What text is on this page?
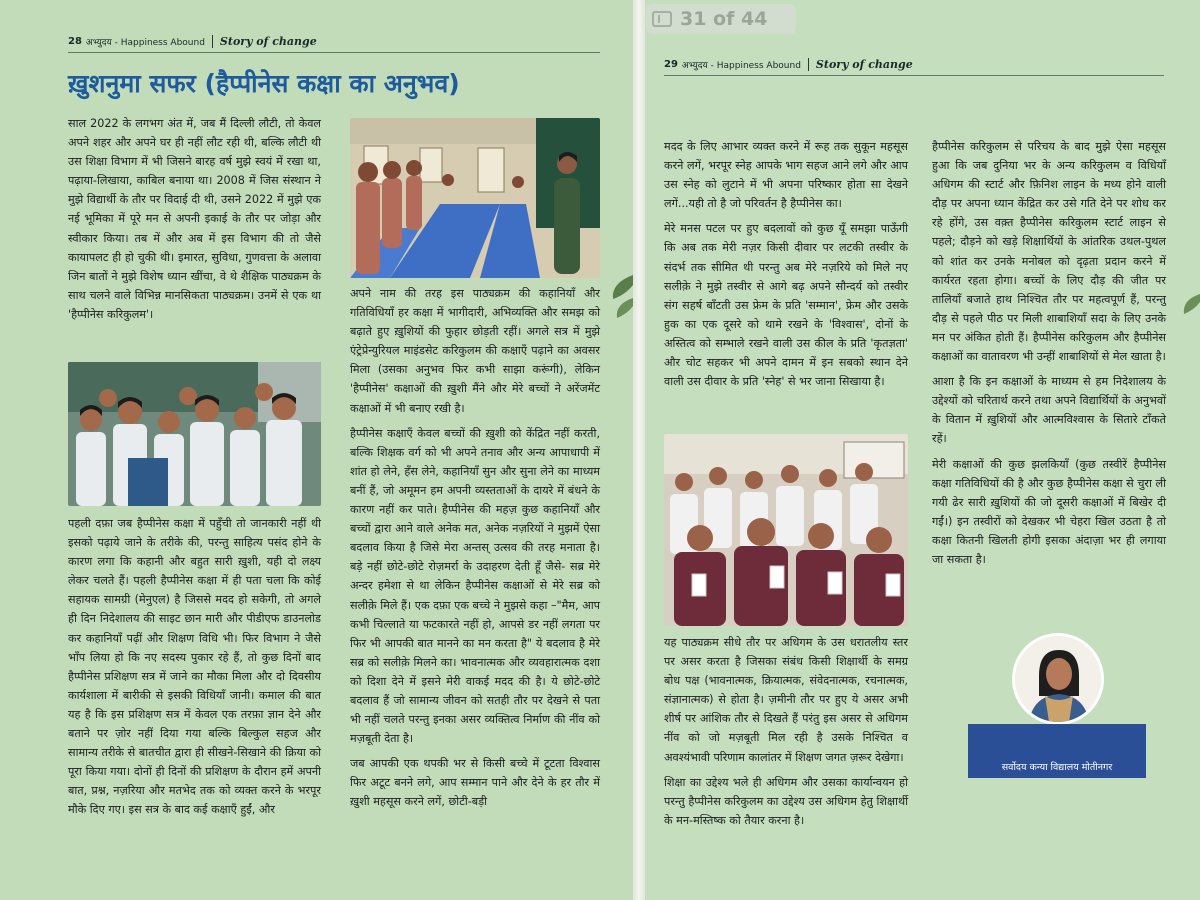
28 अभ्युदय - Happiness Abound Story of change
ख़ुशनुमा सफर (हैप्पीनेस कक्षा का अनुभव)

साल 2022 के लगभग अंत में, जब मैं दिल्ली लौटी, तो केवल अपने शहर और अपने घर ही नहीं लौट रही थी, बल्कि लौटी थी उस शिक्षा विभाग में भी जिसने बारह वर्ष मुझे स्वयं में रखा था, पढ़ाया-लिखाया, काबिल बनाया था। 2008 में जिस संस्थान ने मुझे विद्यार्थी के तौर पर विदाई दी थी, उसने 2022 में मुझे एक नई भूमिका में पूरे मन से अपनी इकाई के तौर पर जोड़ा और स्वीकार किया। तब में और अब में इस विभाग की तो जैसे कायापलट ही हो चुकी थी। इमारत, सुविधा, गुणवत्ता के अलावा जिन बातों ने मुझे विशेष ध्यान खींचा, वे थे शैक्षिक पाठ्यक्रम के साथ चलने वाले विभिन्न मानसिकता पाठ्यक्रम। उनमें से एक था 'हैप्पीनेस करिकुलम'।

पहली दफ़ा जब हैप्पीनेस कक्षा में पहुँची तो जानकारी नहीं थी इसको पढ़ाये जाने के तरीके की, परन्तु साहित्य पसंद होने के कारण लगा कि कहानी और बहुत सारी ख़ुशी, यही दो लक्ष्य लेकर चलते हैं। पहली हैप्पीनेस कक्षा में ही पता चला कि कोई सहायक सामग्री (मेनुएल) है जिससे मदद हो सकेगी, तो अगले ही दिन निदेशालय की साइट छान मारी और पीडीएफ डाउनलोड कर कहानियाँ पढ़ीं और शिक्षण विधि भी। फिर विभाग ने जैसे भाँप लिया हो कि नए सदस्य पुकार रहे हैं, तो कुछ दिनों बाद हैप्पीनेस प्रशिक्षण सत्र में जाने का मौका मिला और दो दिवसीय कार्यशाला में बारीकी से इसकी विधियाँ जानी। कमाल की बात यह है कि इस प्रशिक्षण सत्र में केवल एक तरफ़ा ज्ञान देने और बताने पर ज़ोर नहीं दिया गया बल्कि बिल्कुल सहज और सामान्य तरीके से बातचीत द्वारा ही सीखने-सिखाने की क्रिया को पूरा किया गया। दोनों ही दिनों की प्रशिक्षण के दौरान हमें अपनी बात, प्रश्न, नज़रिया और मतभेद तक को व्यक्त करने के भरपूर मौके दिए गए। इस सत्र के बाद कई कक्षाएँ हुईं, और

अपने नाम की तरह इस पाठ्यक्रम की कहानियाँ और गतिविधियाँ हर कक्षा में भागीदारी, अभिव्यक्ति और समझ को बढ़ाते हुए ख़ुशियों की फुहार छोड़ती रहीं। अगले सत्र में मुझे एंट्रेप्रेन्युरियल माइंडसेट करिकुलम की कक्षाएँ पढ़ाने का अवसर मिला (उसका अनुभव फिर कभी साझा करूंगी), लेकिन 'हैप्पीनेस' कक्षाओं की ख़ुशी मैंने और मेरे बच्चों ने अरेंजमेंट कक्षाओं में भी बनाए रखी है।

हैप्पीनेस कक्षाएँ केवल बच्चों की ख़ुशी को केंद्रित नहीं करती, बल्कि शिक्षक वर्ग को भी अपने तनाव और अन्य आपाधापी में शांत हो लेने, हँस लेने, कहानियाँ सुन और सुना लेने का माध्यम बनीं हैं, जो अमूमन हम अपनी व्यस्तताओं के दायरे में बंधने के कारण नहीं कर पाते। हैप्पीनेस की महज़ कुछ कहानियाँ और बच्चों द्वारा आने वाले अनेक मत, अनेक नज़रियों ने मुझमें ऐसा बदलाव किया है जिसे मेरा अन्तस् उत्सव की तरह मनाता है। बड़े नहीं छोटे-छोटे रोज़मर्रा के उदाहरण देती हूँ जैसे- सब्र मेरे अन्दर हमेशा से था लेकिन हैप्पीनेस कक्षाओं से मेरे सब्र को सलीक़े मिले हैं। एक दफ़ा एक बच्चे ने मुझसे कहा –"मैम, आप कभी चिल्लाते या फटकारते नहीं हो, आपसे डर नहीं लगता पर फिर भी आपकी बात मानने का मन करता है" ये बदलाव है मेरे सब्र को सलीक़े मिलने का। भावनात्मक और व्यवहारात्मक दशा को दिशा देने में इसने मेरी वाकई मदद की है। ये छोटे-छोटे बदलाव हैं जो सामान्य जीवन को सतही तौर पर देखने से पता भी नहीं चलते परन्तु इनका असर व्यक्तित्व निर्माण की नींव को मज़बूती देता है।

जब आपकी एक थपकी भर से किसी बच्चे में टूटता विश्वास फिर अटूट बनने लगे, आप सम्मान पाने और देने के हर तौर में ख़ुशी महसूस करने लगें, छोटी-बड़ी

31 of 44
29 अभ्युदय - Happiness Abound Story of change

मदद के लिए आभार व्यक्त करने में रूह तक सुकून महसूस करने लगें, भरपूर स्नेह आपके भाग सहज आने लगे और आप उस स्नेह को लुटाने में भी अपना परिष्कार होता सा देखने लगें...यही तो है जो परिवर्तन है हैप्पीनेस का।

मेरे मनस पटल पर हुए बदलावों को कुछ यूँ समझा पाऊँगी कि अब तक मेरी नज़र किसी दीवार पर लटकी तस्वीर के संदर्भ तक सीमित थी परन्तु अब मेरे नज़रिये को मिले नए सलीक़े ने मुझे तस्वीर से आगे बढ़ अपने सौन्दर्य को तस्वीर संग सहर्ष बाँटती उस फ्रेम के प्रति 'सम्मान', फ्रेम और उसके हुक का एक दूसरे को थामे रखने के 'विश्वास', दोनों के अस्तित्व को सम्भाले रखने वाली उस कील के प्रति 'कृतज्ञता' और चोट सहकर भी अपने दामन में इन सबको स्थान देने वाली उस दीवार के प्रति 'स्नेह' से भर जाना सिखाया है।

यह पाठ्यक्रम सीधे तौर पर अधिगम के उस धरातलीय स्तर पर असर करता है जिसका संबंध किसी शिक्षार्थी के समग्र बोध पक्ष (भावनात्मक, क्रियात्मक, संवेदनात्मक, रचनात्मक, संज्ञानात्मक) से होता है। ज़मीनी तौर पर हुए ये असर अभी शीर्ष पर आंशिक तौर से दिखते हैं परंतु इस असर से अधिगम नींव को जो मज़बूती मिल रही है उसके निश्चित व अवश्यंभावी परिणाम कालांतर में शिक्षण जगत ज़रूर देखेगा।

शिक्षा का उद्देश्य भले ही अधिगम और उसका कार्यान्वयन हो परन्तु हैप्पीनेस करिकुलम का उद्देश्य उस अधिगम हेतु शिक्षार्थी के मन-मस्तिष्क को तैयार करना है।

हैप्पीनेस करिकुलम से परिचय के बाद मुझे ऐसा महसूस हुआ कि जब दुनिया भर के अन्य करिकुलम व विधियाँ अधिगम की स्टार्ट और फ़िनिश लाइन के मध्य होने वाली दौड़ पर अपना ध्यान केंद्रित कर उसे गति देने पर शोध कर रहे होंगे, उस वक़्त हैप्पीनेस करिकुलम स्टार्ट लाइन से पहले; दौड़ने को खड़े शिक्षार्थियों के आंतरिक उथल-पुथल को शांत कर उनके मनोबल को दृढ़ता प्रदान करने में कार्यरत रहता होगा। बच्चों के लिए दौड़ की जीत पर तालियाँ बजाते हाथ निश्चित तौर पर महत्वपूर्ण हैं, परन्तु दौड़ से पहले पीठ पर मिली शाबाशियाँ सदा के लिए उनके मन पर अंकित होती हैं। हैप्पीनेस करिकुलम और हैप्पीनेस कक्षाओं का वातावरण भी उन्हीं शाबाशियों से मेल खाता है।

आशा है कि इन कक्षाओं के माध्यम से हम निदेशालय के उद्देश्यों को चरितार्थ करने तथा अपने विद्यार्थियों के अनुभवों के वितान में ख़ुशियों और आत्मविश्वास के सितारे टाँकते रहें।

मेरी कक्षाओं की कुछ झलकियाँ (कुछ तस्वीरें हैप्पीनेस कक्षा गतिविधियों की है और कुछ हैप्पीनेस कक्षा से चुरा ली गयी ढेर सारी ख़ुशियों की जो दूसरी कक्षाओं में बिखेर दी गईं।) इन तस्वीरों को देखकर भी चेहरा खिल उठता है तो कक्षा कितनी खिलती होगी इसका अंदाज़ा भर ही लगाया जा सकता है।

सर्वोदय कन्या विद्यालय मोतीनगर
